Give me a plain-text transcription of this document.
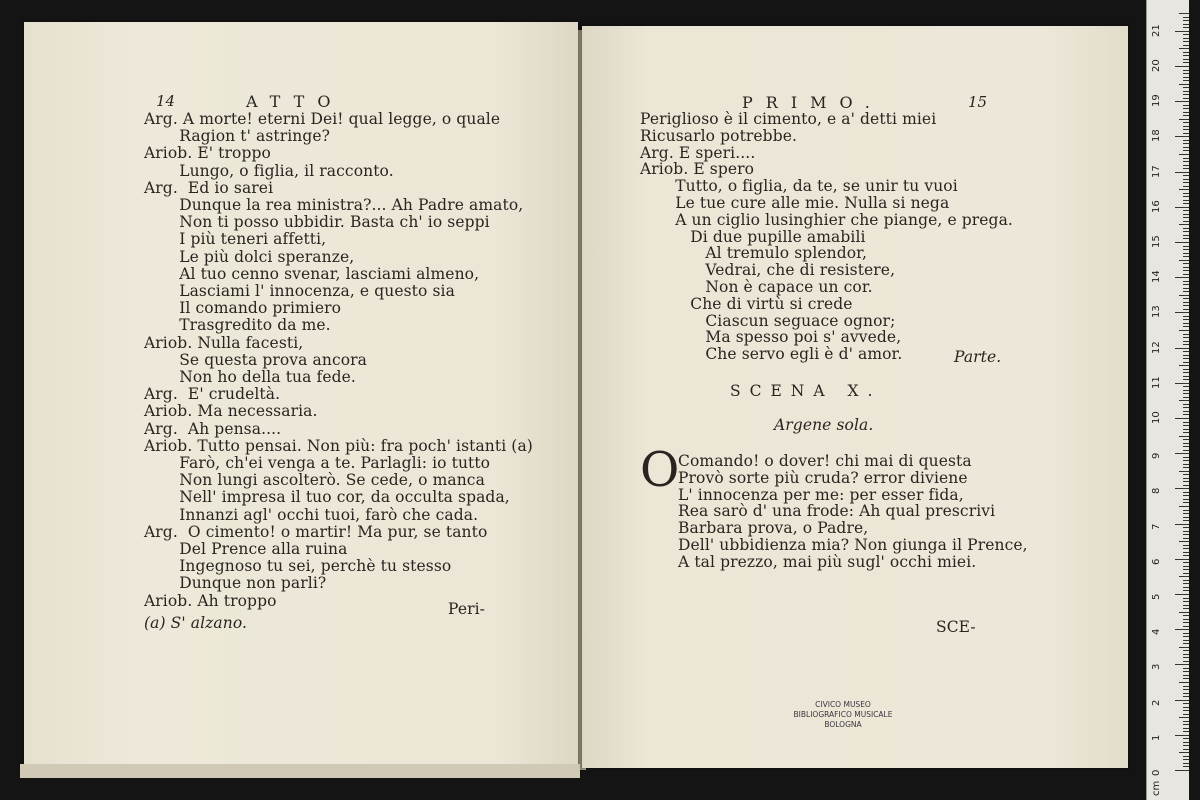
14	ATTO
Arg. A morte! eterni Dei! qual legge, o quale
Ragion t' astringe?
Ariob. E' troppo
Lungo, o figlia, il racconto.
Arg.  Ed io sarei
Dunque la rea ministra?... Ah Padre amato,
Non ti posso ubbidir. Basta ch' io seppi
I più teneri affetti,
Le più dolci speranze,
Al tuo cenno svenar, lasciami almeno,
Lasciami l' innocenza, e questo sia
Il comando primiero
Trasgredito da me.
Ariob. Nulla facesti,
Se questa prova ancora
Non ho della tua fede.
Arg.  E' crudeltà.
Ariob. Ma necessaria.
Arg.  Ah pensa....
Ariob. Tutto pensai. Non più: fra poch' istanti (a)
Farò, ch'ei venga a te. Parlagli: io tutto
Non lungi ascolterò. Se cede, o manca
Nell' impresa il tuo cor, da occulta spada,
Innanzi agl' occhi tuoi, farò che cada.
Arg.  O cimento! o martir! Ma pur, se tanto
Del Prence alla ruina
Ingegnoso tu sei, perchè tu stesso
Dunque non parli?
Ariob. Ah troppo	Peri-
(a) S' alzano.
PRIMO.	15
Periglioso è il cimento, e a' detti miei
Ricusarlo potrebbe.
Arg. E speri....
Ariob. E spero
Tutto, o figlia, da te, se unir tu vuoi
Le tue cure alle mie. Nulla si nega
A un ciglio lusinghier che piange, e prega.
Di due pupille amabili
Al tremulo splendor,
Vedrai, che di resistere,
Non è capace un cor.
Che di virtù si crede
Ciascun seguace ognor;
Ma spesso poi s' avvede,
Che servo egli è d' amor.	Parte.
SCENA X.
Argene sola.
O
Comando! o dover! chi mai di questa
Provò sorte più cruda? error diviene
L' innocenza per me: per esser fida,
Rea sarò d' una frode: Ah qual prescrivi
Barbara prova, o Padre,
Dell' ubbidienza mia? Non giunga il Prence,
A tal prezzo, mai più sugl' occhi miei.
SCE-
CIVICO MUSEO
BIBLIOGRAFICO MUSICALE
BOLOGNA
0
1
2
3
4
5
6
7
8
9
10
11
12
13
14
15
16
17
18
19
20
21
cm
